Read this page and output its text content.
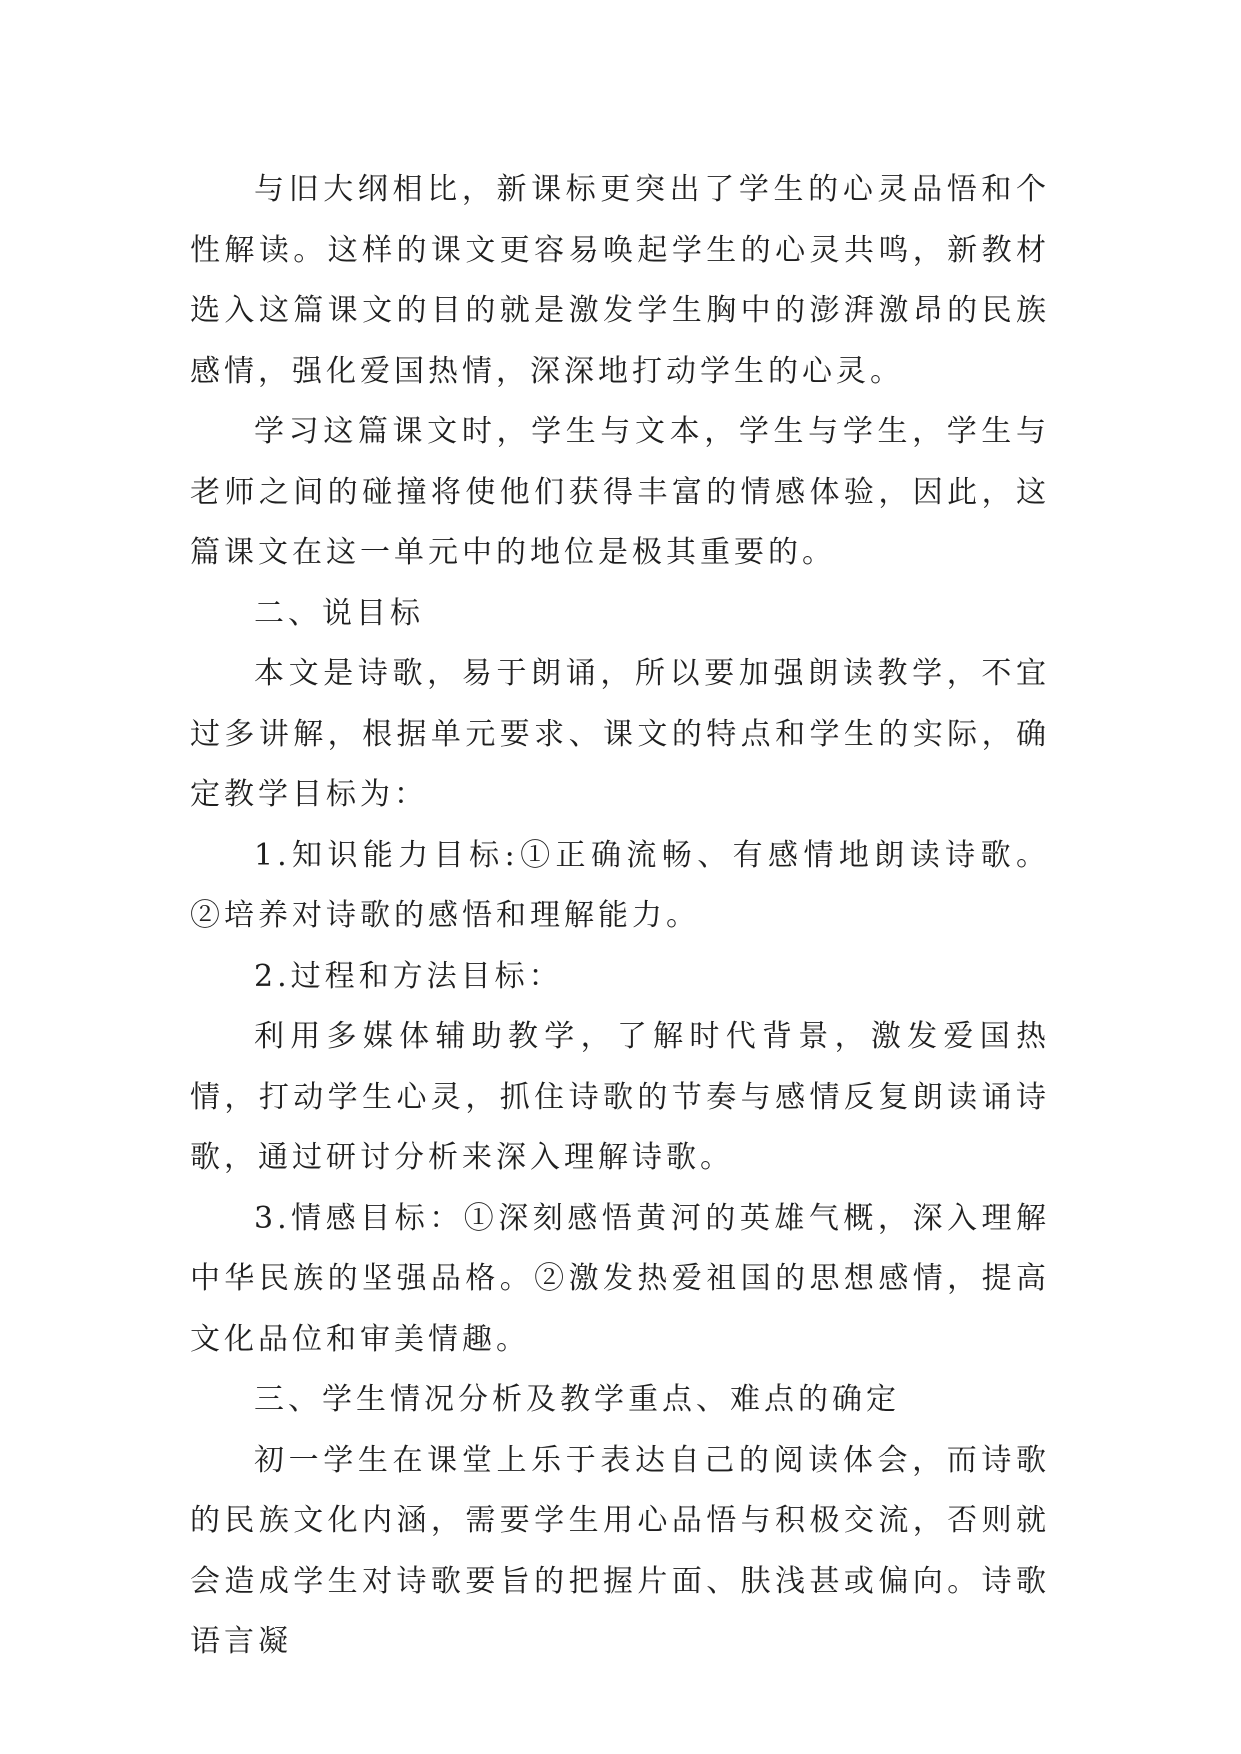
与旧大纲相比，新课标更突出了学生的心灵品悟和个性解读。这样的课文更容易唤起学生的心灵共鸣，新教材选入这篇课文的目的就是激发学生胸中的澎湃激昂的民族感情，强化爱国热情，深深地打动学生的心灵。

学习这篇课文时，学生与文本，学生与学生，学生与老师之间的碰撞将使他们获得丰富的情感体验，因此，这篇课文在这一单元中的地位是极其重要的。

二、说目标

本文是诗歌，易于朗诵，所以要加强朗读教学，不宜过多讲解，根据单元要求、课文的特点和学生的实际，确定教学目标为：

1.知识能力目标:①正确流畅、有感情地朗读诗歌。②培养对诗歌的感悟和理解能力。

2.过程和方法目标：

利用多媒体辅助教学，了解时代背景，激发爱国热情，打动学生心灵，抓住诗歌的节奏与感情反复朗读诵诗歌，通过研讨分析来深入理解诗歌。

3.情感目标：①深刻感悟黄河的英雄气概，深入理解中华民族的坚强品格。②激发热爱祖国的思想感情，提高文化品位和审美情趣。

三、学生情况分析及教学重点、难点的确定

初一学生在课堂上乐于表达自己的阅读体会，而诗歌的民族文化内涵，需要学生用心品悟与积极交流，否则就会造成学生对诗歌要旨的把握片面、肤浅甚或偏向。诗歌语言凝
